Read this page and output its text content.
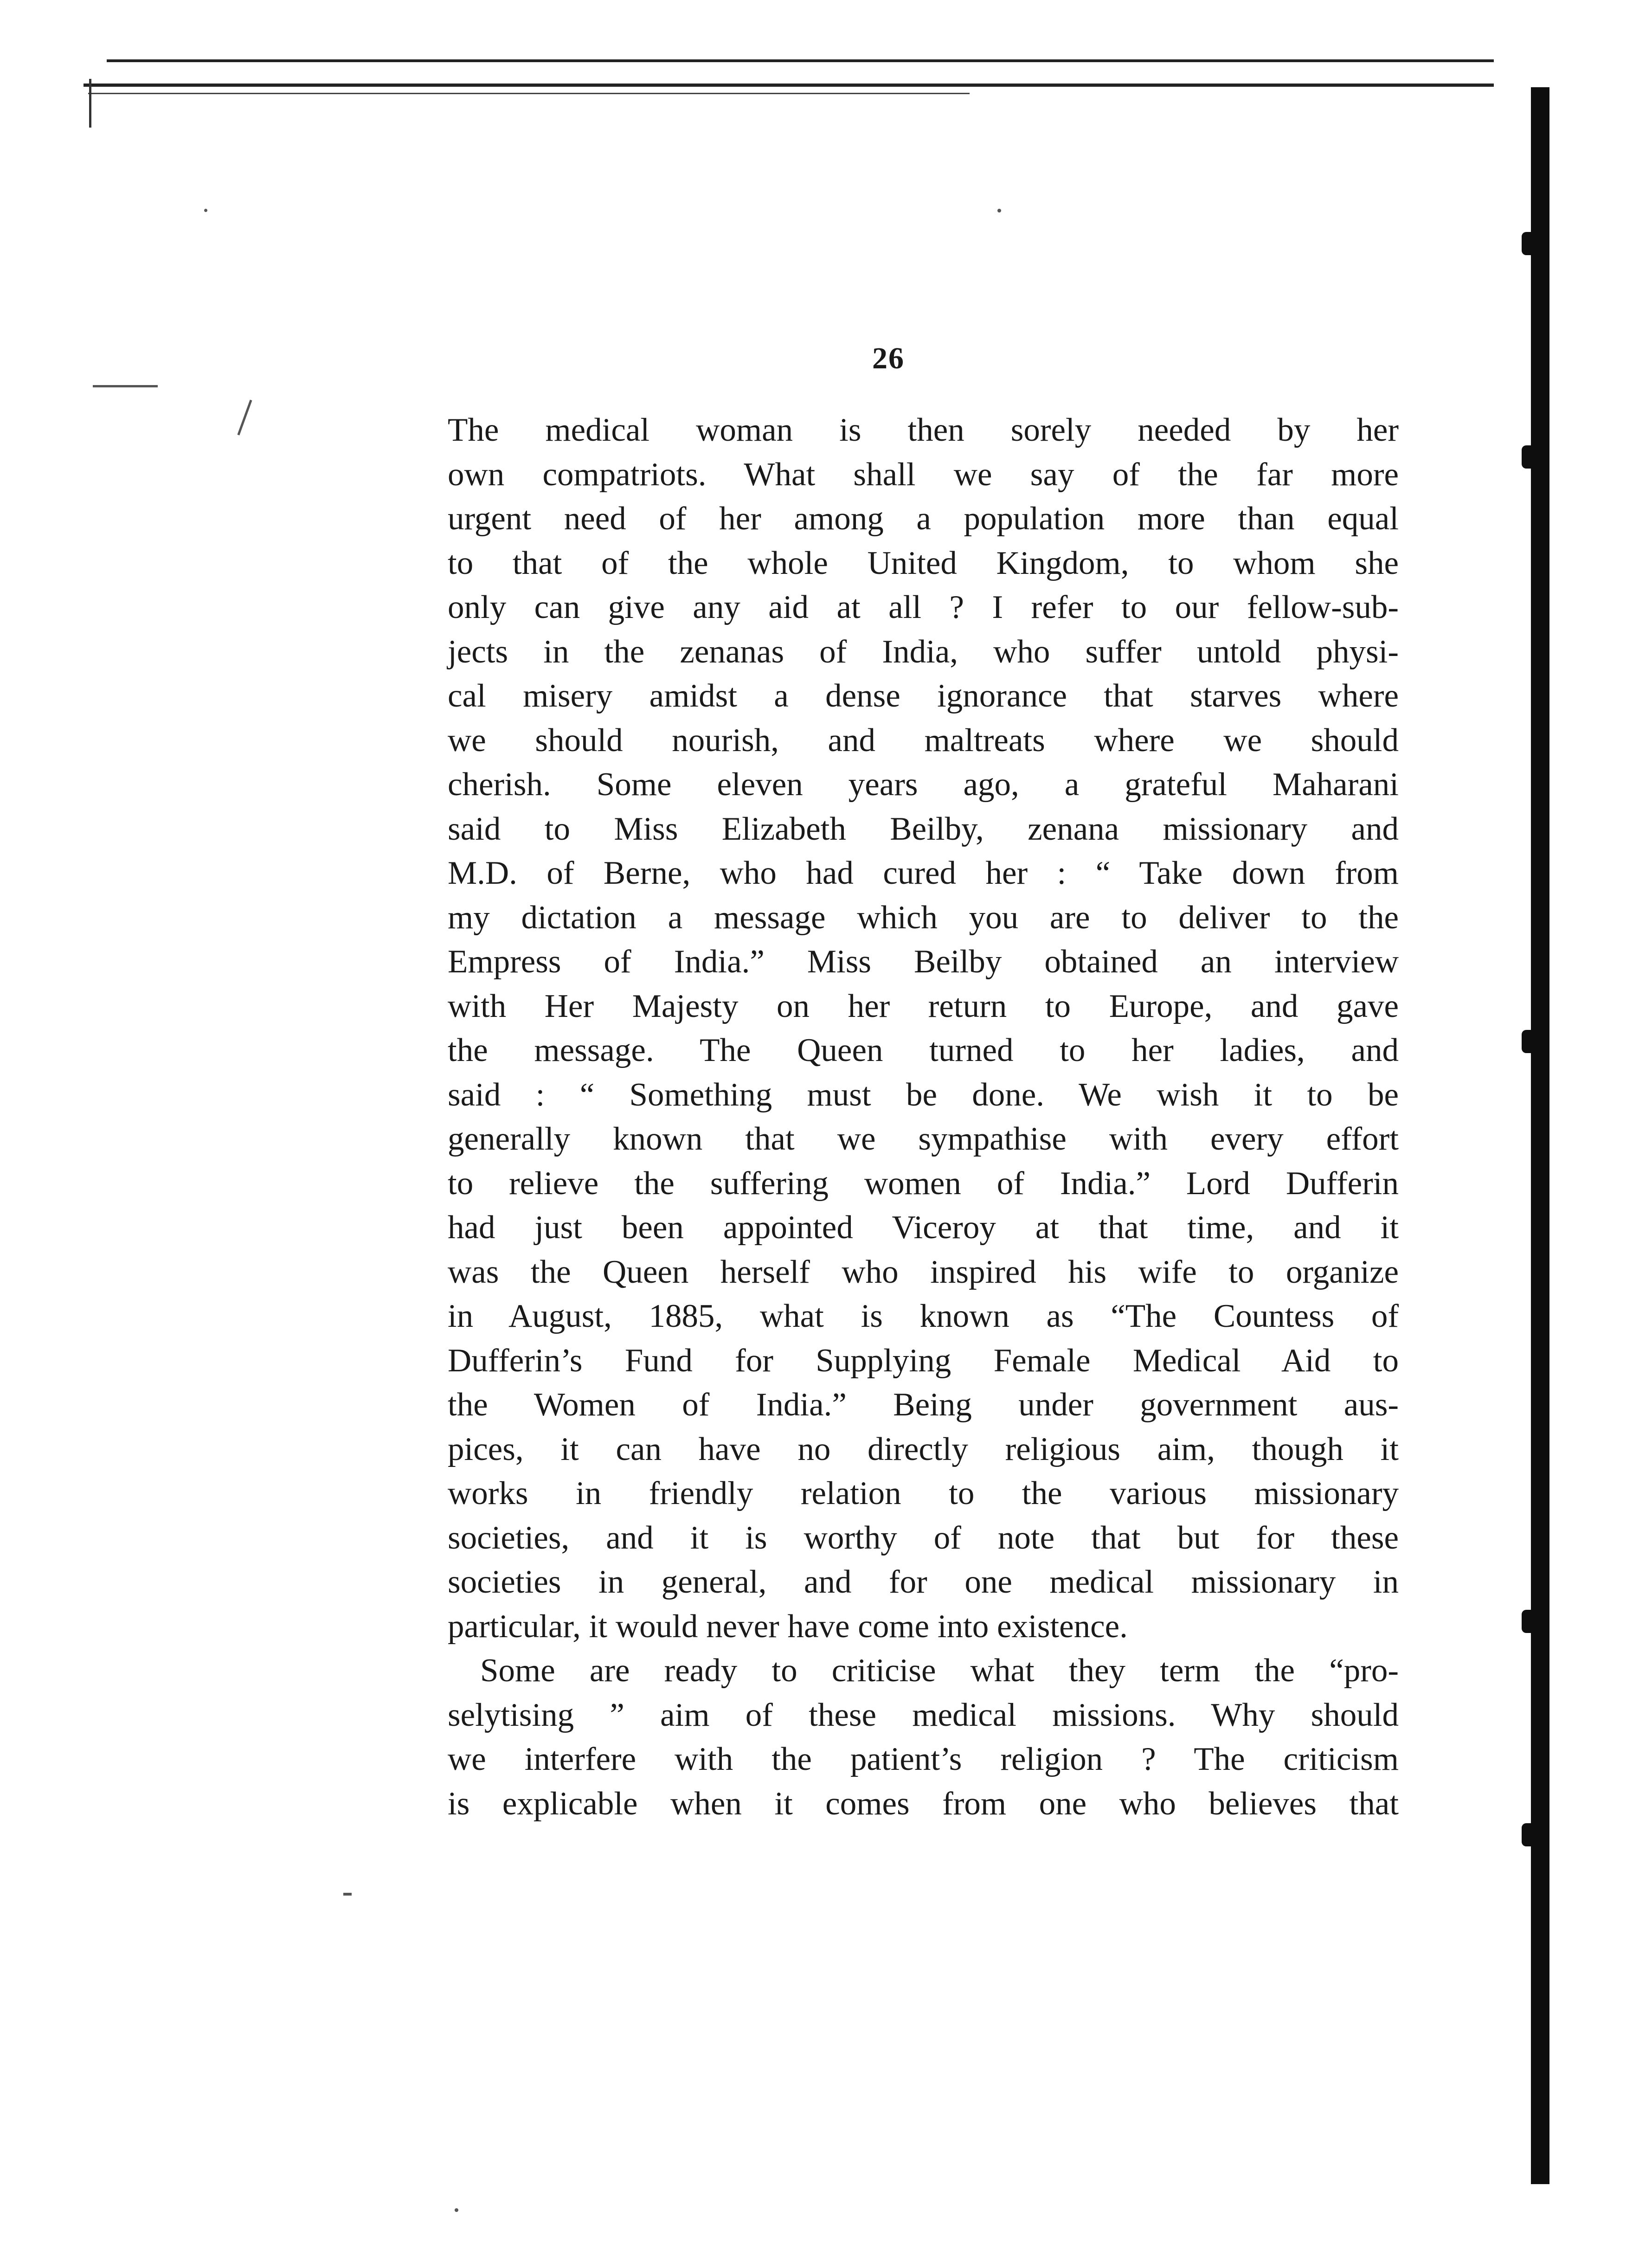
26
The medical woman is then sorely needed by her
own compatriots. What shall we say of the far more
urgent need of her among a population more than equal
to that of the whole United Kingdom, to whom she
only can give any aid at all ? I refer to our fellow-sub-
jects in the zenanas of India, who suffer untold physi-
cal misery amidst a dense ignorance that starves where
we should nourish, and maltreats where we should
cherish. Some eleven years ago, a grateful Maharani
said to Miss Elizabeth Beilby, zenana missionary and
M.D. of Berne, who had cured her : “ Take down from
my dictation a message which you are to deliver to the
Empress of India.” Miss Beilby obtained an interview
with Her Majesty on her return to Europe, and gave
the message. The Queen turned to her ladies, and
said : “ Something must be done. We wish it to be
generally known that we sympathise with every effort
to relieve the suffering women of India.” Lord Dufferin
had just been appointed Viceroy at that time, and it
was the Queen herself who inspired his wife to organize
in August, 1885, what is known as “The Countess of
Dufferin’s Fund for Supplying Female Medical Aid to
the Women of India.” Being under government aus-
pices, it can have no directly religious aim, though it
works in friendly relation to the various missionary
societies, and it is worthy of note that but for these
societies in general, and for one medical missionary in
particular, it would never have come into existence.
Some are ready to criticise what they term the “pro-
selytising ” aim of these medical missions. Why should
we interfere with the patient’s religion ? The criticism
is explicable when it comes from one who believes that
